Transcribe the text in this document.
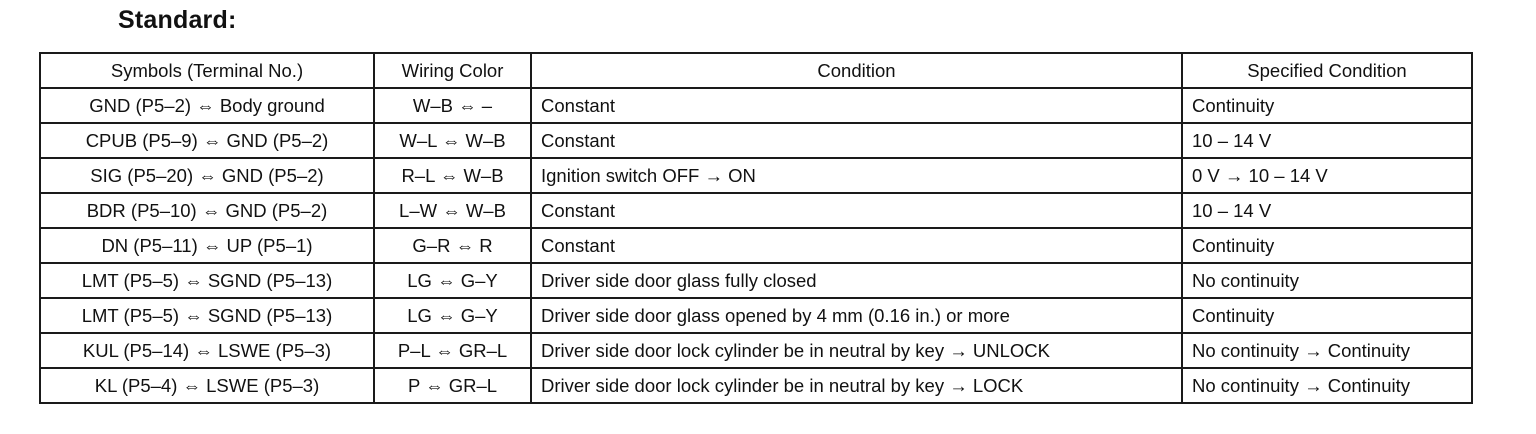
Standard:
Symbols (Terminal No.)	Wiring Color	Condition	Specified Condition
GND (P5–2) ⇔ Body ground	W–B ⇔ –	Constant	Continuity
CPUB (P5–9) ⇔ GND (P5–2)	W–L ⇔ W–B	Constant	10 – 14 V
SIG (P5–20) ⇔ GND (P5–2)	R–L ⇔ W–B	Ignition switch OFF → ON	0 V → 10 – 14 V
BDR (P5–10) ⇔ GND (P5–2)	L–W ⇔ W–B	Constant	10 – 14 V
DN (P5–11) ⇔ UP (P5–1)	G–R ⇔ R	Constant	Continuity
LMT (P5–5) ⇔ SGND (P5–13)	LG ⇔ G–Y	Driver side door glass fully closed	No continuity
LMT (P5–5) ⇔ SGND (P5–13)	LG ⇔ G–Y	Driver side door glass opened by 4 mm (0.16 in.) or more	Continuity
KUL (P5–14) ⇔ LSWE (P5–3)	P–L ⇔ GR–L	Driver side door lock cylinder be in neutral by key → UNLOCK	No continuity → Continuity
KL (P5–4) ⇔ LSWE (P5–3)	P ⇔ GR–L	Driver side door lock cylinder be in neutral by key → LOCK	No continuity → Continuity
